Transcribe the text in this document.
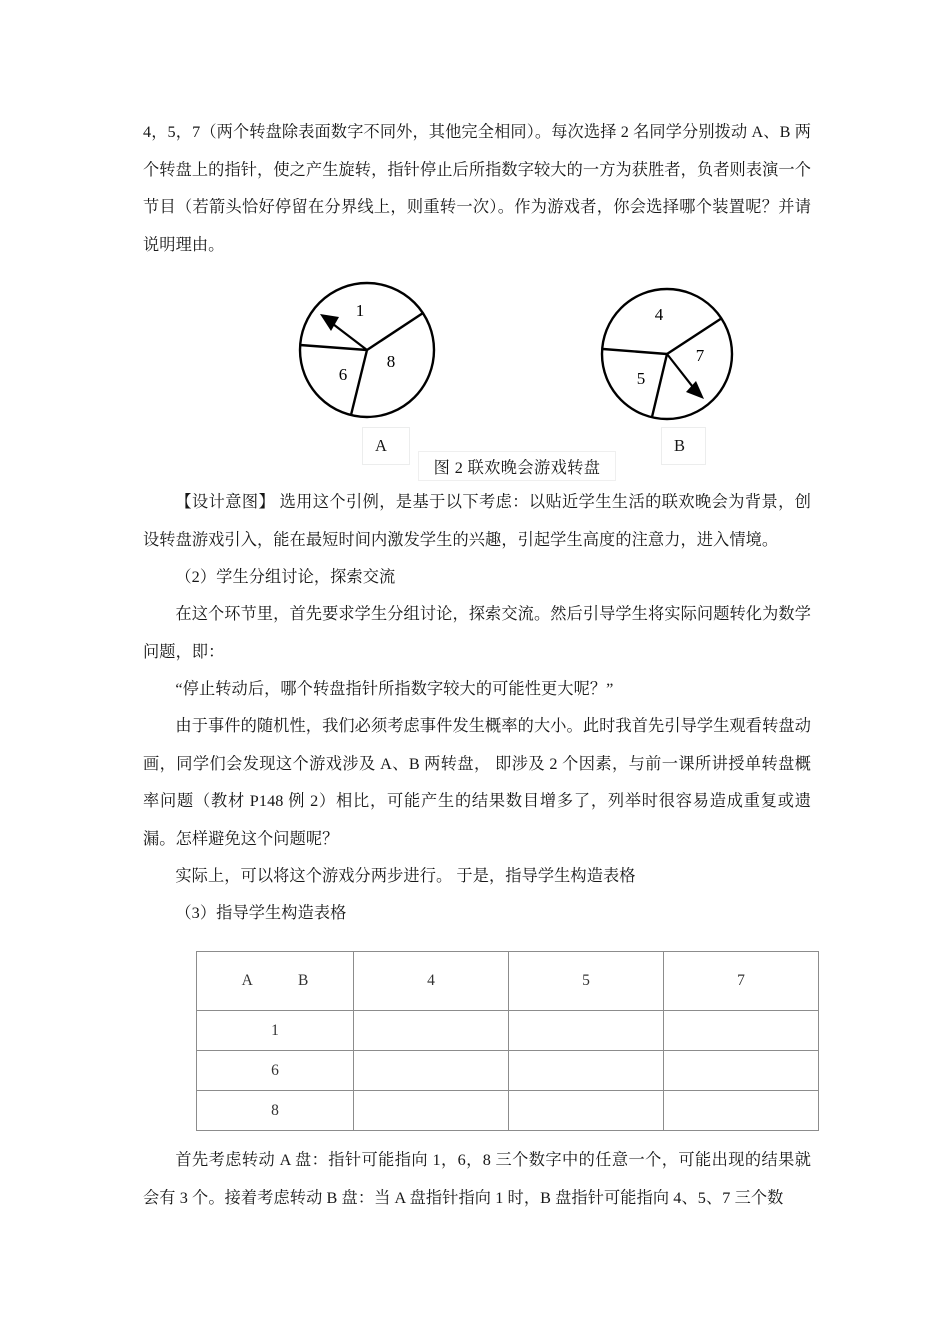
4，5，7（两个转盘除表面数字不同外，其他完全相同）。每次选择 2 名同学分别拨动 A、B 两个转盘上的指针，使之产生旋转，指针停止后所指数字较大的一方为获胜者，负者则表演一个节目（若箭头恰好停留在分界线上，则重转一次）。作为游戏者，你会选择哪个装置呢？并请说明理由。

1
6
8
4
5
7
A	B
图 2 联欢晚会游戏转盘

【设计意图】 选用这个引例，是基于以下考虑：以贴近学生生活的联欢晚会为背景，创设转盘游戏引入，能在最短时间内激发学生的兴趣，引起学生高度的注意力，进入情境。

（2）学生分组讨论，探索交流

在这个环节里，首先要求学生分组讨论，探索交流。然后引导学生将实际问题转化为数学问题，即：

“停止转动后，哪个转盘指针所指数字较大的可能性更大呢？”

由于事件的随机性，我们必须考虑事件发生概率的大小。此时我首先引导学生观看转盘动画，同学们会发现这个游戏涉及 A、B 两转盘， 即涉及 2 个因素，与前一课所讲授单转盘概率问题（教材 P148 例 2）相比，可能产生的结果数目增多了，列举时很容易造成重复或遗漏。怎样避免这个问题呢？

实际上，可以将这个游戏分两步进行。 于是，指导学生构造表格

（3）指导学生构造表格

A B	4	5	7
1			
6			
8			

首先考虑转动 A 盘：指针可能指向 1，6，8 三个数字中的任意一个，可能出现的结果就会有 3 个。接着考虑转动 B 盘：当 A 盘指针指向 1 时，B 盘指针可能指向 4、5、7 三个数
